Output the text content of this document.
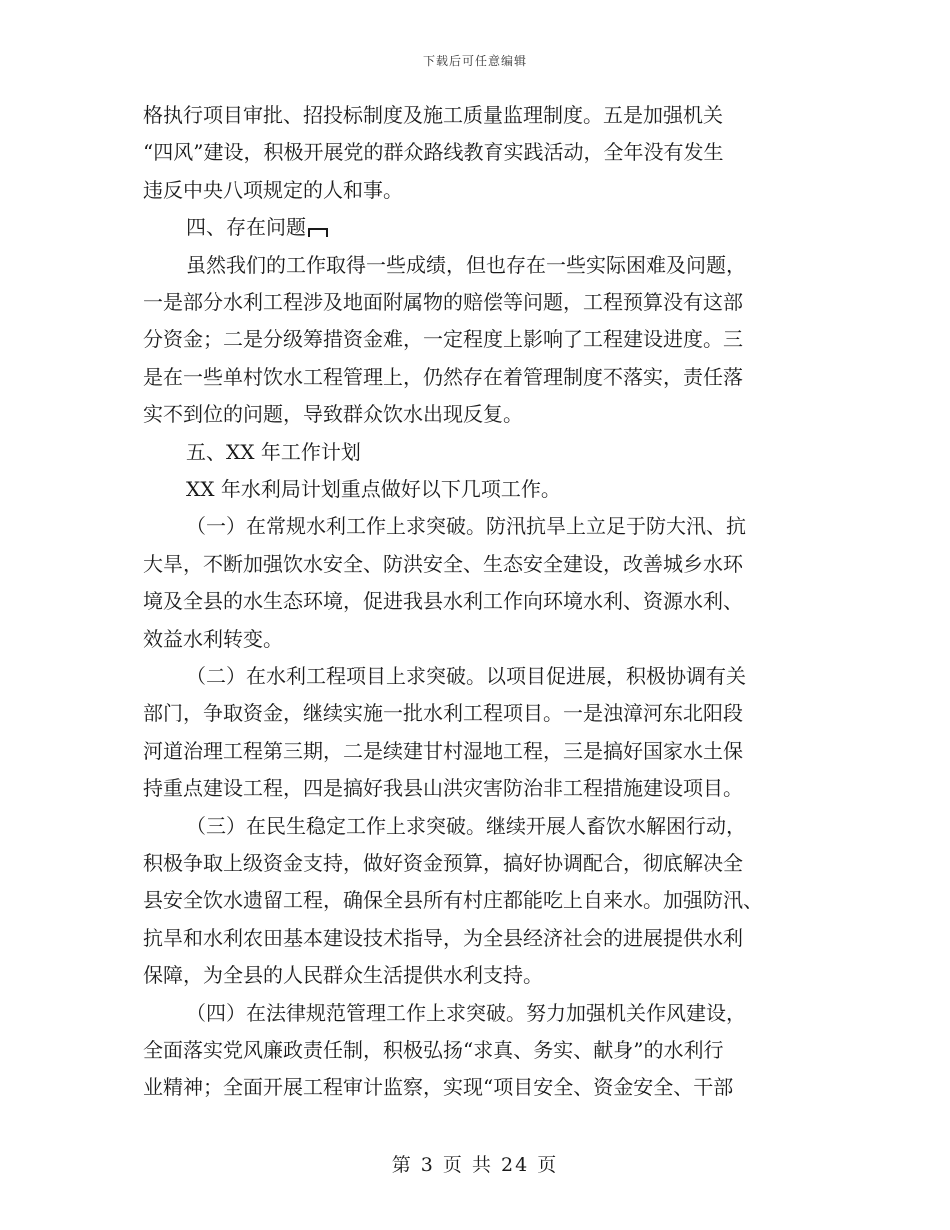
下载后可任意编辑
格执行项目审批、招投标制度及施工质量监理制度。五是加强机关
“四风”建设，积极开展党的群众路线教育实践活动，全年没有发生
违反中央八项规定的人和事。
四、存在问题
虽然我们的工作取得一些成绩，但也存在一些实际困难及问题，
一是部分水利工程涉及地面附属物的赔偿等问题，工程预算没有这部
分资金；二是分级筹措资金难，一定程度上影响了工程建设进度。三
是在一些单村饮水工程管理上，仍然存在着管理制度不落实，责任落
实不到位的问题，导致群众饮水出现反复。
五、XX 年工作计划
XX 年水利局计划重点做好以下几项工作。
（一）在常规水利工作上求突破。防汛抗旱上立足于防大汛、抗
大旱，不断加强饮水安全、防洪安全、生态安全建设，改善城乡水环
境及全县的水生态环境，促进我县水利工作向环境水利、资源水利、
效益水利转变。
（二）在水利工程项目上求突破。以项目促进展，积极协调有关
部门，争取资金，继续实施一批水利工程项目。一是浊漳河东北阳段
河道治理工程第三期，二是续建甘村湿地工程，三是搞好国家水土保
持重点建设工程，四是搞好我县山洪灾害防治非工程措施建设项目。
（三）在民生稳定工作上求突破。继续开展人畜饮水解困行动，
积极争取上级资金支持，做好资金预算，搞好协调配合，彻底解决全
县安全饮水遗留工程，确保全县所有村庄都能吃上自来水。加强防汛、
抗旱和水利农田基本建设技术指导，为全县经济社会的进展提供水利
保障，为全县的人民群众生活提供水利支持。
（四）在法律规范管理工作上求突破。努力加强机关作风建设，
全面落实党风廉政责任制，积极弘扬“求真、务实、献身”的水利行
业精神；全面开展工程审计监察，实现“项目安全、资金安全、干部
第 3 页 共 24 页
